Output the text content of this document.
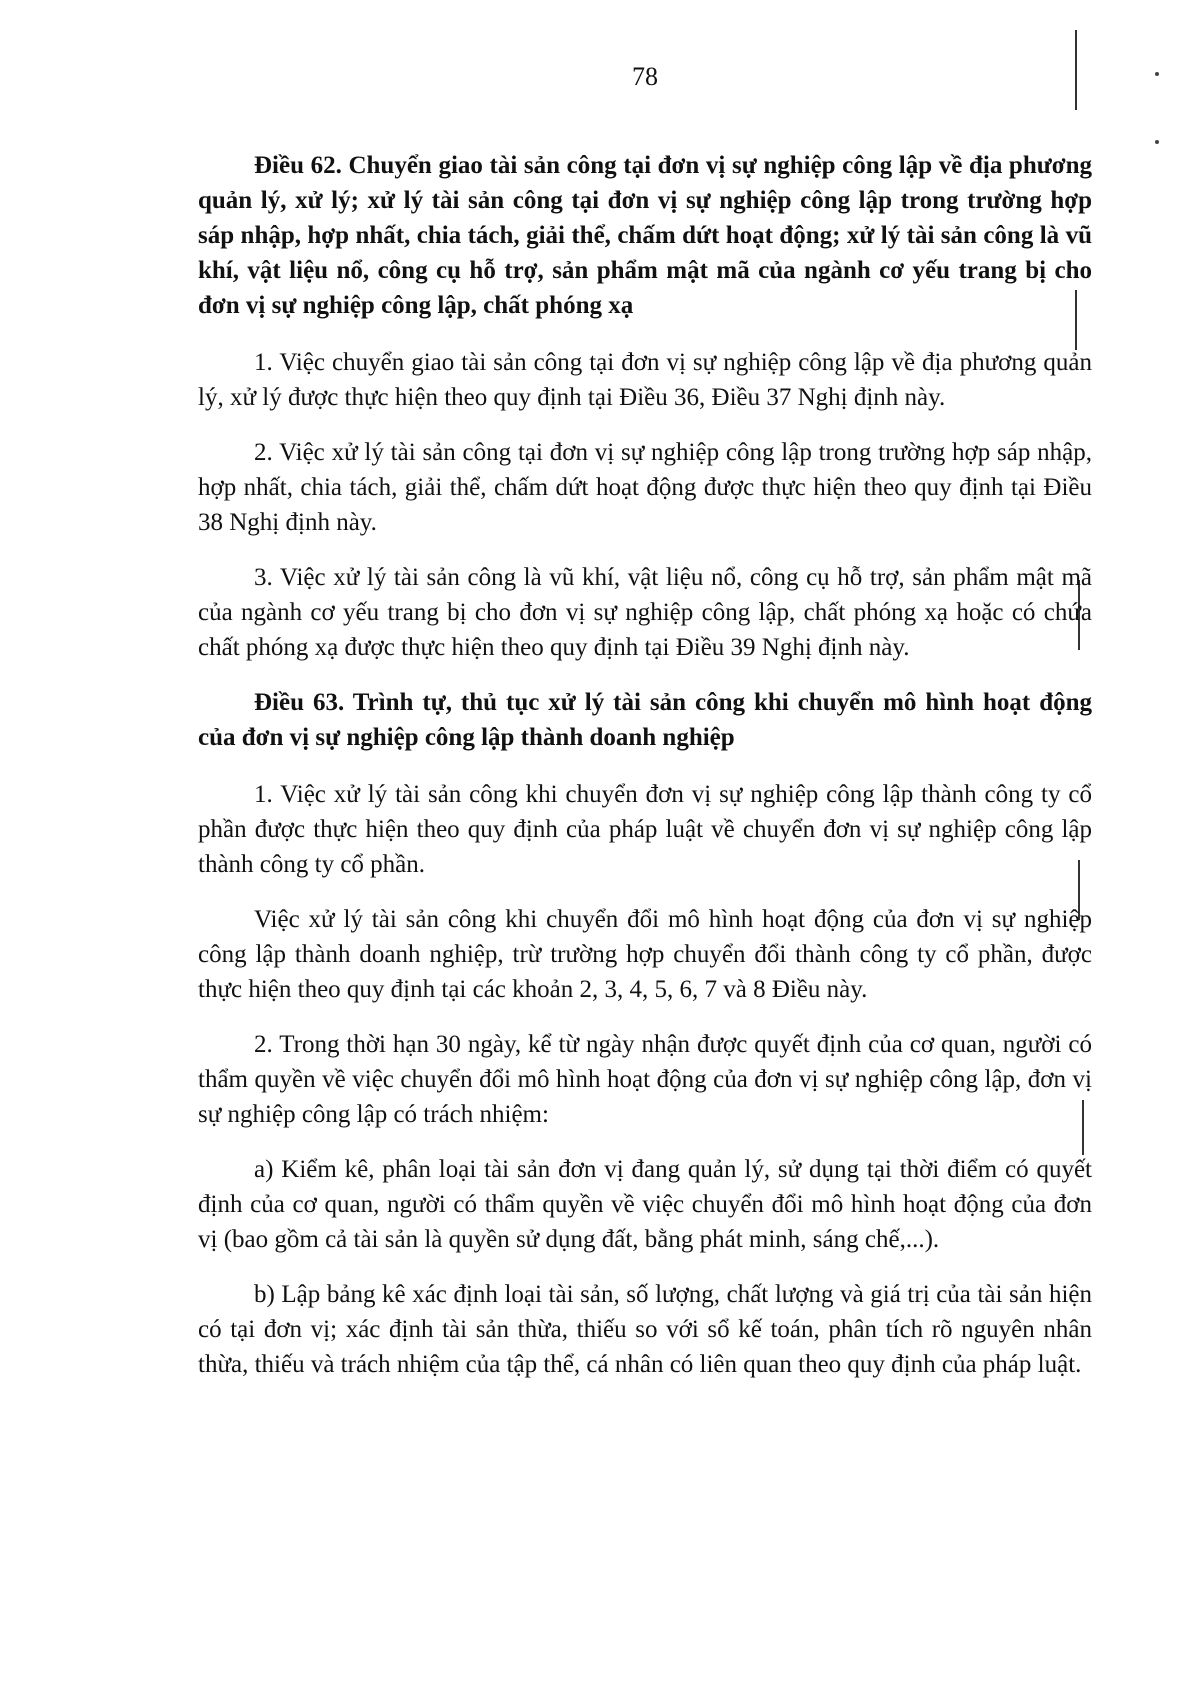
78

Điều 62. Chuyển giao tài sản công tại đơn vị sự nghiệp công lập về địa phương quản lý, xử lý; xử lý tài sản công tại đơn vị sự nghiệp công lập trong trường hợp sáp nhập, hợp nhất, chia tách, giải thể, chấm dứt hoạt động; xử lý tài sản công là vũ khí, vật liệu nổ, công cụ hỗ trợ, sản phẩm mật mã của ngành cơ yếu trang bị cho đơn vị sự nghiệp công lập, chất phóng xạ

1. Việc chuyển giao tài sản công tại đơn vị sự nghiệp công lập về địa phương quản lý, xử lý được thực hiện theo quy định tại Điều 36, Điều 37 Nghị định này.

2. Việc xử lý tài sản công tại đơn vị sự nghiệp công lập trong trường hợp sáp nhập, hợp nhất, chia tách, giải thể, chấm dứt hoạt động được thực hiện theo quy định tại Điều 38 Nghị định này.

3. Việc xử lý tài sản công là vũ khí, vật liệu nổ, công cụ hỗ trợ, sản phẩm mật mã của ngành cơ yếu trang bị cho đơn vị sự nghiệp công lập, chất phóng xạ hoặc có chứa chất phóng xạ được thực hiện theo quy định tại Điều 39 Nghị định này.

Điều 63. Trình tự, thủ tục xử lý tài sản công khi chuyển mô hình hoạt động của đơn vị sự nghiệp công lập thành doanh nghiệp

1. Việc xử lý tài sản công khi chuyển đơn vị sự nghiệp công lập thành công ty cổ phần được thực hiện theo quy định của pháp luật về chuyển đơn vị sự nghiệp công lập thành công ty cổ phần.

Việc xử lý tài sản công khi chuyển đổi mô hình hoạt động của đơn vị sự nghiệp công lập thành doanh nghiệp, trừ trường hợp chuyển đổi thành công ty cổ phần, được thực hiện theo quy định tại các khoản 2, 3, 4, 5, 6, 7 và 8 Điều này.

2. Trong thời hạn 30 ngày, kể từ ngày nhận được quyết định của cơ quan, người có thẩm quyền về việc chuyển đổi mô hình hoạt động của đơn vị sự nghiệp công lập, đơn vị sự nghiệp công lập có trách nhiệm:

a) Kiểm kê, phân loại tài sản đơn vị đang quản lý, sử dụng tại thời điểm có quyết định của cơ quan, người có thẩm quyền về việc chuyển đổi mô hình hoạt động của đơn vị (bao gồm cả tài sản là quyền sử dụng đất, bằng phát minh, sáng chế,...).

b) Lập bảng kê xác định loại tài sản, số lượng, chất lượng và giá trị của tài sản hiện có tại đơn vị; xác định tài sản thừa, thiếu so với sổ kế toán, phân tích rõ nguyên nhân thừa, thiếu và trách nhiệm của tập thể, cá nhân có liên quan theo quy định của pháp luật.
